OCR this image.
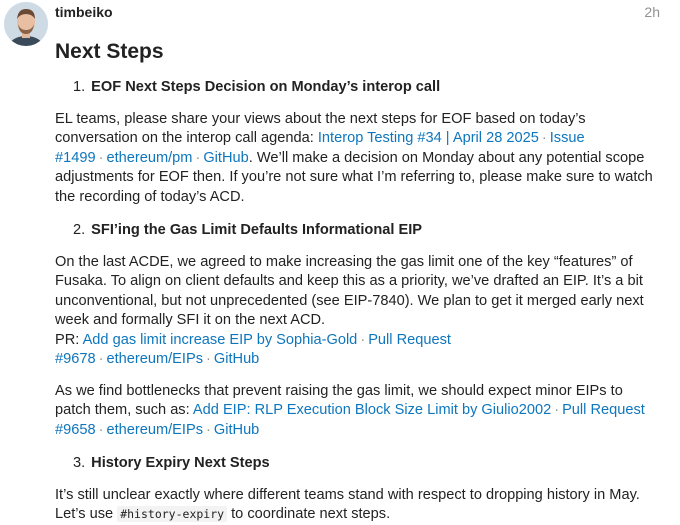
timbeiko	2h
Next Steps
1. EOF Next Steps Decision on Monday’s interop call

EL teams, please share your views about the next steps for EOF based on today’s conversation on the interop call agenda: Interop Testing #34 | April 28 2025 · Issue #1499 · ethereum/pm · GitHub. We’ll make a decision on Monday about any potential scope adjustments for EOF then. If you’re not sure what I’m referring to, please make sure to watch the recording of today’s ACD.

2. SFI’ing the Gas Limit Defaults Informational EIP

On the last ACDE, we agreed to make increasing the gas limit one of the key “features” of Fusaka. To align on client defaults and keep this as a priority, we’ve drafted an EIP. It’s a bit unconventional, but not unprecedented (see EIP-7840). We plan to get it merged early next week and formally SFI it on the next ACD.
PR: Add gas limit increase EIP by Sophia-Gold · Pull Request #9678 · ethereum/EIPs · GitHub

As we find bottlenecks that prevent raising the gas limit, we should expect minor EIPs to patch them, such as: Add EIP: RLP Execution Block Size Limit by Giulio2002 · Pull Request #9658 · ethereum/EIPs · GitHub

3. History Expiry Next Steps

It’s still unclear exactly where different teams stand with respect to dropping history in May. Let’s use #history-expiry to coordinate next steps.
